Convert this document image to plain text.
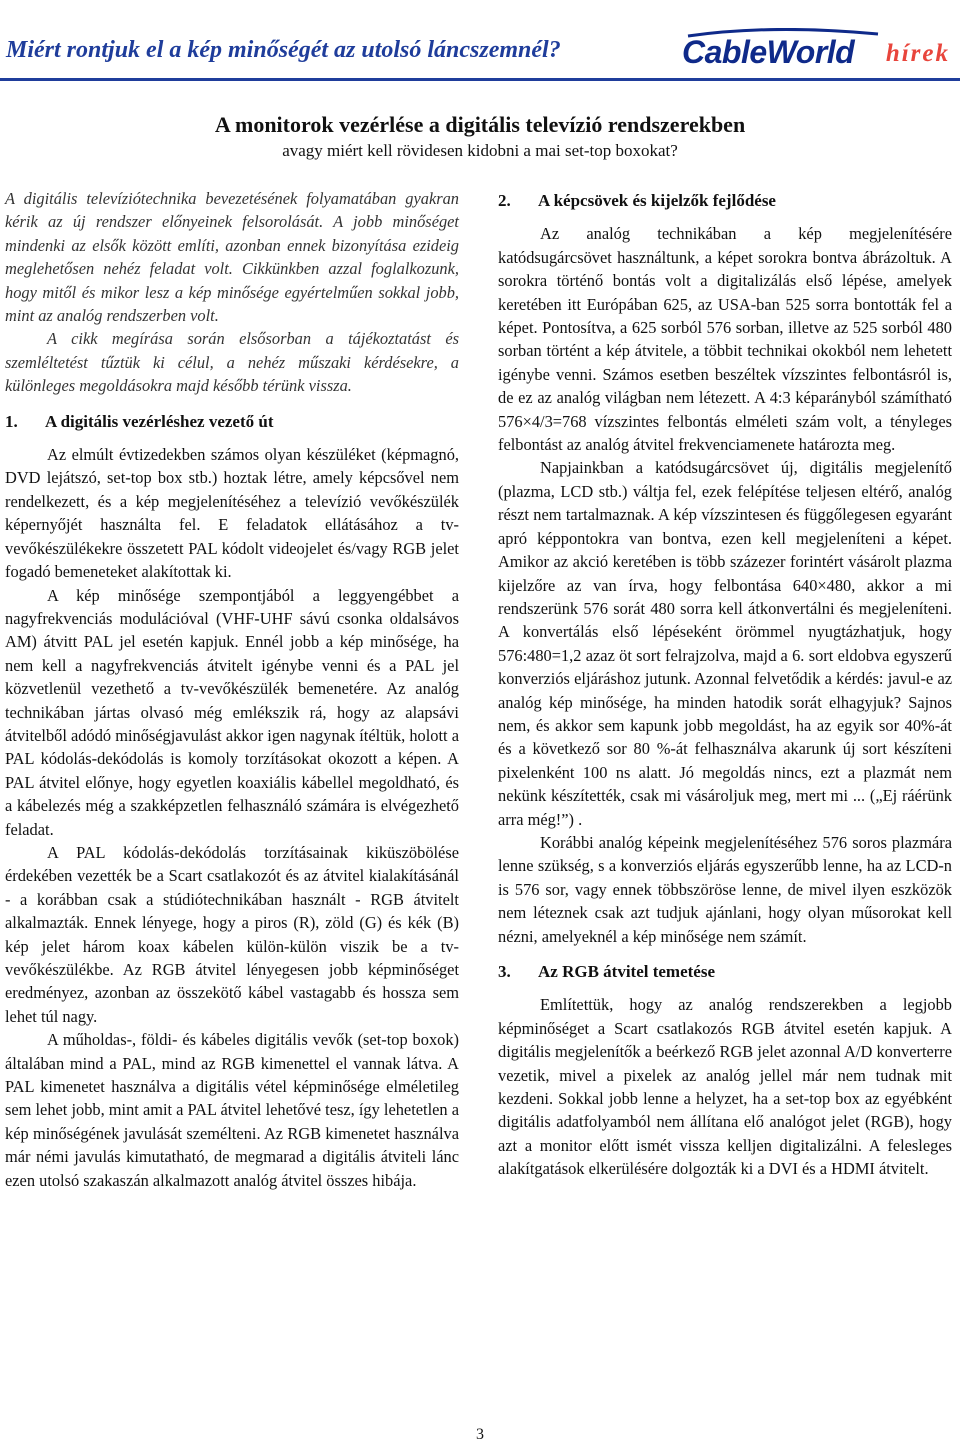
Miért rontjuk el a kép minőségét az utolsó láncszemnél?	CableWorld hírek
A monitorok vezérlése a digitális televízió rendszerekben
avagy miért kell rövidesen kidobni a mai set-top boxokat?

A digitális televíziótechnika bevezetésének folyamatában gyakran kérik az új rendszer előnyeinek felsorolását. A jobb minőséget mindenki az elsők között említi, azonban ennek bizonyítása ezideig meglehetősen nehéz feladat volt. Cikkünkben azzal foglalkozunk, hogy mitől és mikor lesz a kép minősége egyértelműen sokkal jobb, mint az analóg rendszerben volt.

A cikk megírása során elsősorban a tájékoztatást és szemléltetést tűztük ki célul, a nehéz műszaki kérdésekre, a különleges megoldásokra majd később térünk vissza.

1. A digitális vezérléshez vezető út

Az elmúlt évtizedekben számos olyan készüléket (képmagnó, DVD lejátszó, set-top box stb.) hoztak létre, amely képcsővel nem rendelkezett, és a kép megjelenítéséhez a televízió vevőkészülék képernyőjét használta fel. E feladatok ellátásához a tv-vevőkészülékekre összetett PAL kódolt videojelet és/vagy RGB jelet fogadó bemeneteket alakítottak ki.

A kép minősége szempontjából a leggyengébbet a nagyfrekvenciás modulációval (VHF-UHF sávú csonka oldalsávos AM) átvitt PAL jel esetén kapjuk. Ennél jobb a kép minősége, ha nem kell a nagyfrekvenciás átvitelt igénybe venni és a PAL jel közvetlenül vezethető a tv-vevőkészülék bemenetére. Az analóg technikában jártas olvasó még emlékszik rá, hogy az alapsávi átvitelből adódó minőségjavulást akkor igen nagynak ítéltük, holott a PAL kódolás-dekódolás is komoly torzításokat okozott a képen. A PAL átvitel előnye, hogy egyetlen koaxiális kábellel megoldható, és a kábelezés még a szakképzetlen felhasználó számára is elvégezhető feladat.

A PAL kódolás-dekódolás torzításainak kiküszöbölése érdekében vezették be a Scart csatlakozót és az átvitel kialakításánál - a korábban csak a stúdiótechnikában használt - RGB átvitelt alkalmazták. Ennek lényege, hogy a piros (R), zöld (G) és kék (B) kép jelet három koax kábelen külön-külön viszik be a tv-vevőkészülékbe. Az RGB átvitel lényegesen jobb képminőséget eredményez, azonban az összekötő kábel vastagabb és hossza sem lehet túl nagy.

A műholdas-, földi- és kábeles digitális vevők (set-top boxok) általában mind a PAL, mind az RGB kimenettel el vannak látva. A PAL kimenetet használva a digitális vétel képminősége elméletileg sem lehet jobb, mint amit a PAL átvitel lehetővé tesz, így lehetetlen a kép minőségének javulását személteni. Az RGB kimenetet használva már némi javulás kimutatható, de megmarad a digitális átviteli lánc ezen utolsó szakaszán alkalmazott analóg átvitel összes hibája.

2. A képcsövek és kijelzők fejlődése

Az analóg technikában a kép megjelenítésére katódsugárcsövet használtunk, a képet sorokra bontva ábrázoltuk. A sorokra történő bontás volt a digitalizálás első lépése, amelyek keretében itt Európában 625, az USA-ban 525 sorra bontották fel a képet. Pontosítva, a 625 sorból 576 sorban, illetve az 525 sorból 480 sorban történt a kép átvitele, a többit technikai okokból nem lehetett igénybe venni. Számos esetben beszéltek vízszintes felbontásról is, de ez az analóg világban nem létezett. A 4:3 képarányból számítható 576×4/3=768 vízszintes felbontás elméleti szám volt, a tényleges felbontást az analóg átvitel frekvenciamenete határozta meg.

Napjainkban a katódsugárcsövet új, digitális megjelenítő (plazma, LCD stb.) váltja fel, ezek felépítése teljesen eltérő, analóg részt nem tartalmaznak. A kép vízszintesen és függőlegesen egyaránt apró képpontokra van bontva, ezen kell megjeleníteni a képet. Amikor az akció keretében is több százezer forintért vásárolt plazma kijelzőre az van írva, hogy felbontása 640×480, akkor a mi rendszerünk 576 sorát 480 sorra kell átkonvertálni és megjeleníteni. A konvertálás első lépéseként örömmel nyugtázhatjuk, hogy 576:480=1,2 azaz öt sort felrajzolva, majd a 6. sort eldobva egyszerű konverziós eljáráshoz jutunk. Azonnal felvetődik a kérdés: javul-e az analóg kép minősége, ha minden hatodik sorát elhagyjuk? Sajnos nem, és akkor sem kapunk jobb megoldást, ha az egyik sor 40%-át és a következő sor 80 %-át felhasználva akarunk új sort készíteni pixelenként 100 ns alatt. Jó megoldás nincs, ezt a plazmát nem nekünk készítették, csak mi vásároljuk meg, mert mi ... („Ej ráérünk arra még!”) .

Korábbi analóg képeink megjelenítéséhez 576 soros plazmára lenne szükség, s a konverziós eljárás egyszerűbb lenne, ha az LCD-n is 576 sor, vagy ennek többszöröse lenne, de mivel ilyen eszközök nem léteznek csak azt tudjuk ajánlani, hogy olyan műsorokat kell nézni, amelyeknél a kép minősége nem számít.

3. Az RGB átvitel temetése

Említettük, hogy az analóg rendszerekben a legjobb képminőséget a Scart csatlakozós RGB átvitel esetén kapjuk. A digitális megjelenítők a beérkező RGB jelet azonnal A/D konverterre vezetik, mivel a pixelek az analóg jellel már nem tudnak mit kezdeni. Sokkal jobb lenne a helyzet, ha a set-top box az egyébként digitális adatfolyamból nem állítana elő analógot jelet (RGB), hogy azt a monitor előtt ismét vissza kelljen digitalizálni. A felesleges alakítgatások elkerülésére dolgozták ki a DVI és a HDMI átvitelt.

3
